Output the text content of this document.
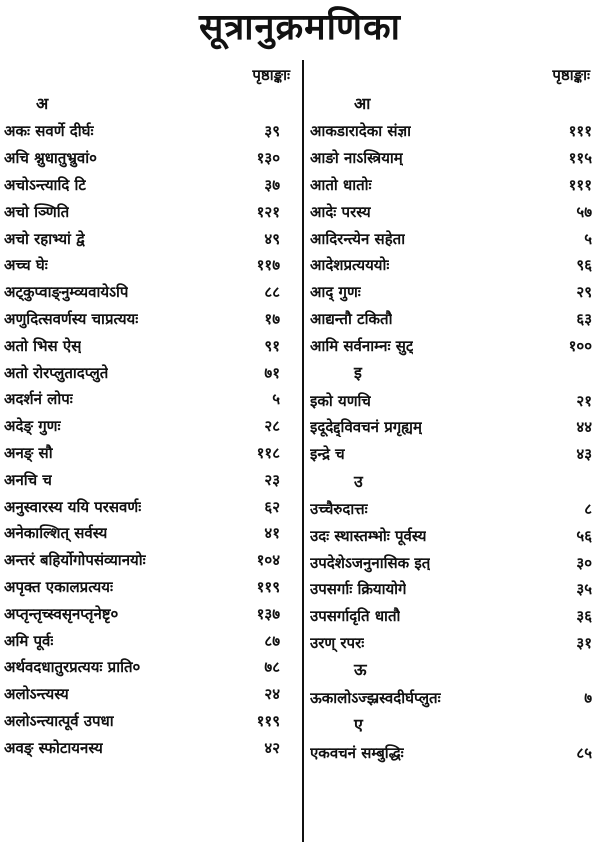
सूत्रानुक्रमणिका
पृष्ठाङ्काः
अ
अकः सवर्णे दीर्घः	३९
अचि श्नुधातुभ्रुवां०	१३०
अचोऽन्त्यादि टि	३७
अचो ञ्णिति	१२१
अचो रहाभ्यां द्वे	४९
अच्च घेः	११७
अट्कुप्वाङ्नुम्व्यवायेऽपि	८८
अणुदित्सवर्णस्य चाप्रत्ययः	१७
अतो भिस ऐस्	९१
अतो रोरप्लुतादप्लुते	७१
अदर्शनं लोपः	५
अदेङ् गुणः	२८
अनङ् सौ	११८
अनचि च	२३
अनुस्वारस्य ययि परसवर्णः	६२
अनेकाल्शित् सर्वस्य	४१
अन्तरं बहिर्योगोपसंव्यानयोः	१०४
अपृक्त एकालप्रत्ययः	११९
अप्तृन्तृच्स्वसृनप्तृनेष्टृ०	१३७
अमि पूर्वः	८७
अर्थवदधातुरप्रत्ययः प्राति०	७८
अलोऽन्त्यस्य	२४
अलोऽन्त्यात्पूर्व उपधा	११९
अवङ् स्फोटायनस्य	४२
पृष्ठाङ्काः
आ
आकडारादेका संज्ञा	१११
आङो नाऽस्त्रियाम्	११५
आतो धातोः	१११
आदेः परस्य	५७
आदिरन्त्येन सहेता	५
आदेशप्रत्यययोः	९६
आद् गुणः	२९
आद्यन्तौ टकितौ	६३
आमि सर्वनाम्नः सुट्	१००
इ
इको यणचि	२१
इदूदेद्द्विवचनं प्रगृह्यम्	४४
इन्द्रे च	४३
उ
उच्चैरुदात्तः	८
उदः स्थास्तम्भोः पूर्वस्य	५६
उपदेशेऽजनुनासिक इत्	३०
उपसर्गाः क्रियायोगे	३५
उपसर्गादृति धातौ	३६
उरण् रपरः	३१
ऊ
ऊकालोऽज्झ्रस्वदीर्घप्लुतः	७
ए
एकवचनं सम्बुद्धिः	८५
